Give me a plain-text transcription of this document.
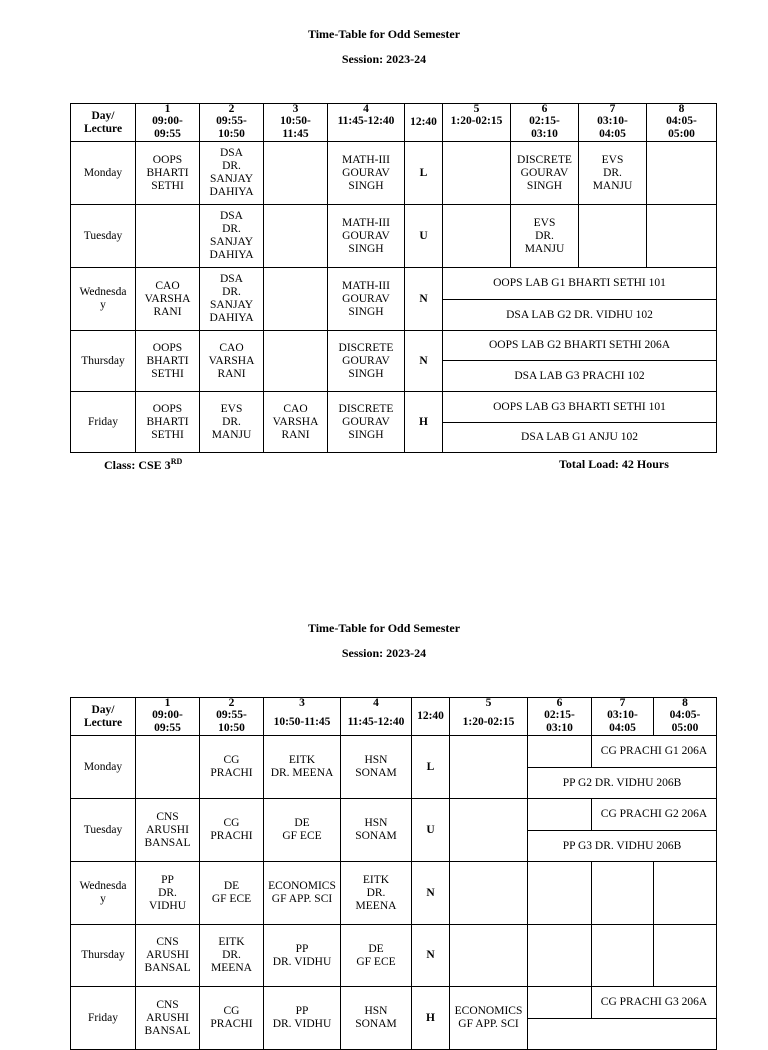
Time-Table for Odd Semester
Session: 2023-24
Day/
Lecture	1	2	3	4	12:40	5	6	7	8
	09:00-
09:55	09:55-
10:50	10:50-
11:45	11:45-12:40		1:20-02:15	02:15-
03:10	03:10-
04:05	04:05-
05:00
Monday	OOPS
BHARTI
SETHI	DSA
DR.
SANJAY
DAHIYA		MATH-III
GOURAV
SINGH	L		DISCRETE
GOURAV
SINGH	EVS
DR.
MANJU	
Tuesday		DSA
DR.
SANJAY
DAHIYA		MATH-III
GOURAV
SINGH	U		EVS
DR.
MANJU		
Wednesda
y	CAO
VARSHA
RANI	DSA
DR.
SANJAY
DAHIYA		MATH-III
GOURAV
SINGH	N	OOPS LAB G1 BHARTI SETHI 101			
						DSA LAB G2 DR. VIDHU 102			
Thursday	OOPS
BHARTI
SETHI	CAO
VARSHA
RANI		DISCRETE
GOURAV
SINGH	N	OOPS LAB G2 BHARTI SETHI 206A			
						DSA LAB G3 PRACHI 102			
Friday	OOPS
BHARTI
SETHI	EVS
DR.
MANJU	CAO
VARSHA
RANI	DISCRETE
GOURAV
SINGH	H	OOPS LAB G3 BHARTI SETHI 101			
						DSA LAB G1 ANJU 102			
Class: CSE 3RD	Total Load: 42 Hours
Time-Table for Odd Semester
Session: 2023-24
Day/
Lecture	1	2	3	4	12:40	5	6	7	8
	09:00-
09:55	09:55-
10:50	10:50-11:45	11:45-12:40		1:20-02:15	02:15-
03:10	03:10-
04:05	04:05-
05:00
Monday		CG
PRACHI	EITK
DR. MEENA	HSN
SONAM	L			CG PRACHI G1 206A	
							PP G2 DR. VIDHU 206B		
Tuesday	CNS
ARUSHI
BANSAL	CG
PRACHI	DE
GF ECE	HSN
SONAM	U			CG PRACHI G2 206A	
							PP G3 DR. VIDHU 206B		
Wednesda
y	PP
DR.
VIDHU	DE
GF ECE	ECONOMICS
GF APP. SCI	EITK
DR.
MEENA	N				
Thursday	CNS
ARUSHI
BANSAL	EITK
DR.
MEENA	PP
DR. VIDHU	DE
GF ECE	N				
Friday	CNS
ARUSHI
BANSAL	CG
PRACHI	PP
DR. VIDHU	HSN
SONAM	H	ECONOMICS
GF APP. SCI		CG PRACHI G3 206A	
